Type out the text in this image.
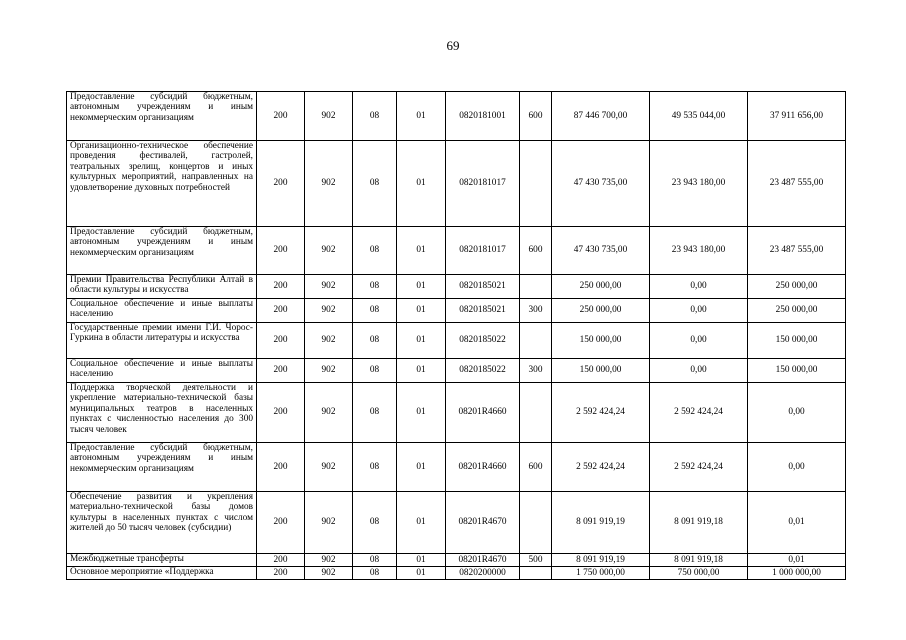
69
Предоставление субсидий бюджетным, автономным учреждениям и иным некоммерческим организациям	200	902	08	01	0820181001	600	87 446 700,00	49 535 044,00	37 911 656,00
Организационно-техническое обеспечение проведения фестивалей, гастролей, театральных зрелищ, концертов и иных культурных мероприятий, направленных на удовлетворение духовных потребностей	200	902	08	01	0820181017		47 430 735,00	23 943 180,00	23 487 555,00
Предоставление субсидий бюджетным, автономным учреждениям и иным некоммерческим организациям	200	902	08	01	0820181017	600	47 430 735,00	23 943 180,00	23 487 555,00
Премии Правительства Республики Алтай в области культуры и искусства	200	902	08	01	0820185021		250 000,00	0,00	250 000,00
Социальное обеспечение и иные выплаты населению	200	902	08	01	0820185021	300	250 000,00	0,00	250 000,00
Государственные премии имени Г.И. Чорос-Гуркина в области литературы и искусства	200	902	08	01	0820185022		150 000,00	0,00	150 000,00
Социальное обеспечение и иные выплаты населению	200	902	08	01	0820185022	300	150 000,00	0,00	150 000,00
Поддержка творческой деятельности и укрепление материально-технической базы муниципальных театров в населенных пунктах с численностью населения до 300 тысяч человек	200	902	08	01	08201R4660		2 592 424,24	2 592 424,24	0,00
Предоставление субсидий бюджетным, автономным учреждениям и иным некоммерческим организациям	200	902	08	01	08201R4660	600	2 592 424,24	2 592 424,24	0,00
Обеспечение развития и укрепления материально-технической базы домов культуры в населенных пунктах с числом жителей до 50 тысяч человек (субсидии)	200	902	08	01	08201R4670		8 091 919,19	8 091 919,18	0,01
Межбюджетные трансферты	200	902	08	01	08201R4670	500	8 091 919,19	8 091 919,18	0,01
Основное мероприятие «Поддержка	200	902	08	01	0820200000		1 750 000,00	750 000,00	1 000 000,00
